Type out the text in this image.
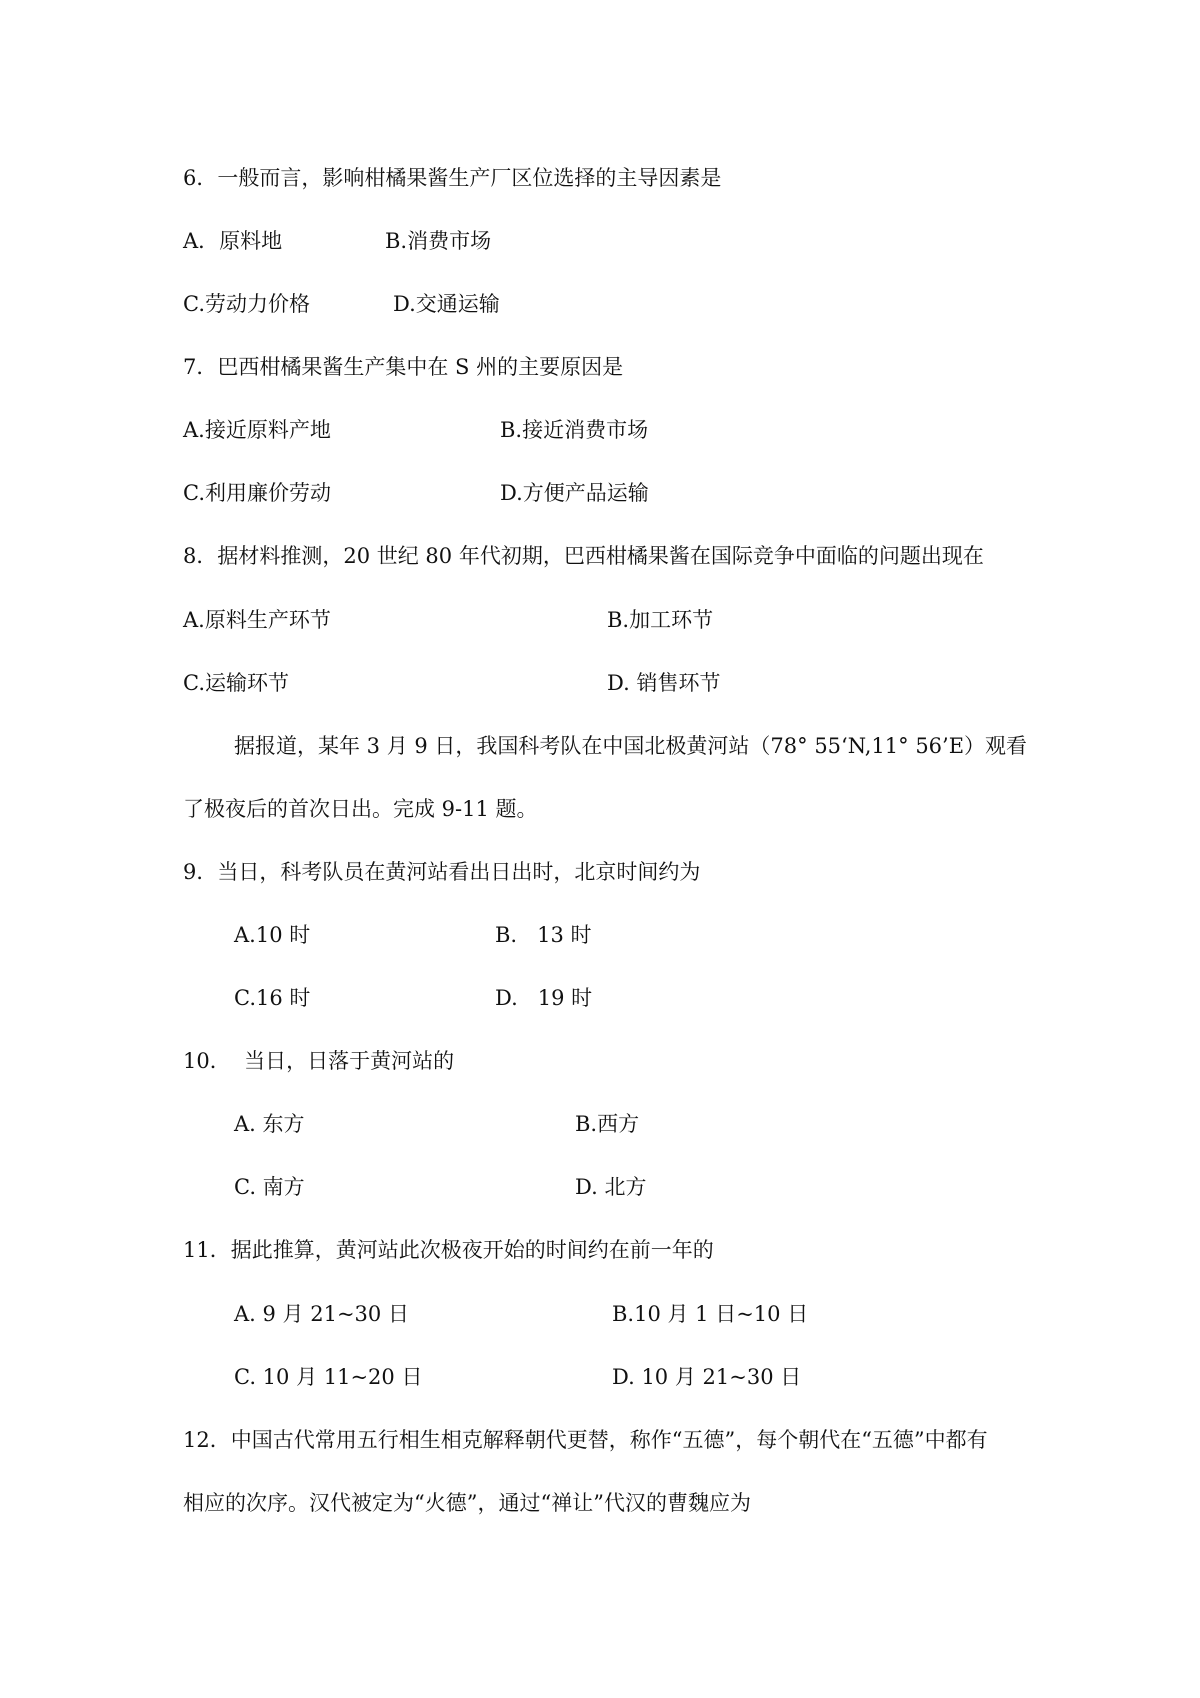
6．一般而言，影响柑橘果酱生产厂区位选择的主导因素是
A．原料地	B.消费市场
C.劳动力价格	D.交通运输
7．巴西柑橘果酱生产集中在 S 州的主要原因是
A.接近原料产地	B.接近消费市场
C.利用廉价劳动	D.方便产品运输
8．据材料推测，20 世纪 80 年代初期，巴西柑橘果酱在国际竞争中面临的问题出现在
A.原料生产环节	B.加工环节
C.运输环节	D. 销售环节
据报道，某年 3 月 9 日，我国科考队在中国北极黄河站（78° 55‘N,11° 56’E）观看
了极夜后的首次日出。完成 9-11 题。
9．当日，科考队员在黄河站看出日出时，北京时间约为
A.10 时	B.   13 时
C.16 时	D.   19 时
10．  当日，日落于黄河站的
A. 东方	B.西方
C. 南方	D. 北方
11．据此推算，黄河站此次极夜开始的时间约在前一年的
A. 9 月 21~30 日	B.10 月 1 日~10 日
C. 10 月 11~20 日	D. 10 月 21~30 日
12．中国古代常用五行相生相克解释朝代更替，称作“五德”，每个朝代在“五德”中都有
相应的次序。汉代被定为“火德”，通过“禅让”代汉的曹魏应为
